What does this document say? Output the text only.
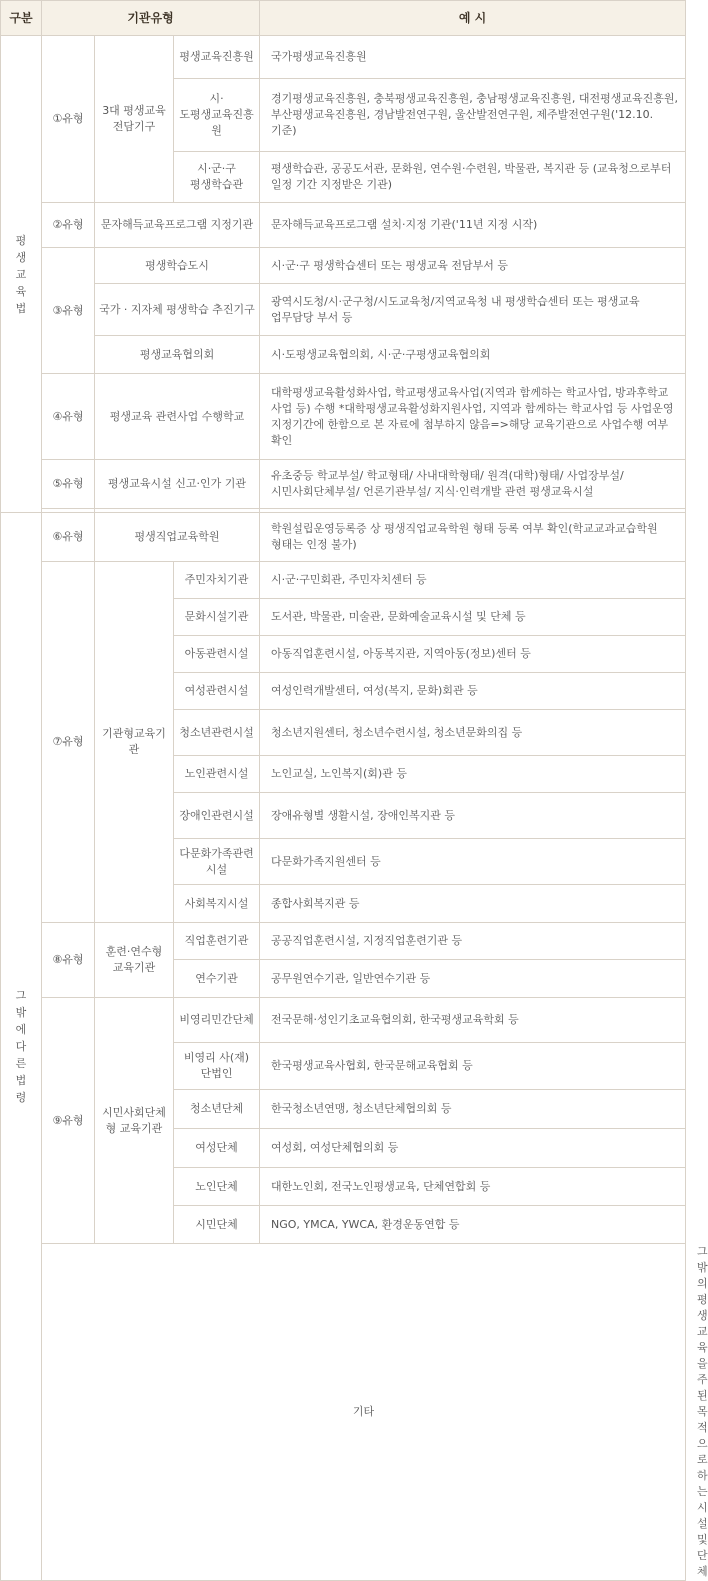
구분	기관유형			예 시	
평생교육법	①유형	3대 평생교육 전담기구	평생교육진흥원	국가평생교육진흥원	
			시·도평생교육진흥원	경기평생교육진흥원, 충북평생교육진흥원, 충남평생교육진흥원, 대전평생교육진흥원, 부산평생교육진흥원, 경남발전연구원, 울산발전연구원, 제주발전연구원('12.10. 기준)	
			시·군·구 평생학습관	평생학습관, 공공도서관, 문화원, 연수원·수련원, 박물관, 복지관 등 (교육청으로부터 일정 기간 지정받은 기관)	
	②유형	문자해득교육프로그램 지정기관		문자해득교육프로그램 설치·지정 기관('11년 지정 시작)	
	③유형	평생학습도시		시·군·구 평생학습센터 또는 평생교육 전담부서 등	
		국가 · 지자체 평생학습 추진기구		광역시도청/시·군구청/시도교육청/지역교육청 내 평생학습센터 또는 평생교육 업무담당 부서 등	
		평생교육협의회		시·도평생교육협의회, 시·군·구평생교육협의회	
	④유형	평생교육 관련사업 수행학교		대학평생교육활성화사업, 학교평생교육사업(지역과 함께하는 학교사업, 방과후학교 사업 등) 수행 *대학평생교육활성화지원사업, 지역과 함께하는 학교사업 등 사업운영 지정기간에 한함으로 본 자료에 첨부하지 않음=>해당 교육기관으로 사업수행 여부 확인	
	⑤유형	평생교육시설 신고·인가 기관		유초중등 학교부설/ 학교형태/ 사내대학형태/ 원격(대학)형태/ 사업장부설/ 시민사회단체부설/ 언론기관부설/ 지식·인력개발 관련 평생교육시설	

그밖에다른법령	⑥유형	평생직업교육학원		학원설립운영등록증 상 평생직업교육학원 형태 등록 여부 확인(학교교과교습학원 형태는 인정 불가)	
	⑦유형	기관형교육기관	주민자치기관	시·군·구민회관, 주민자치센터 등	
			문화시설기관	도서관, 박물관, 미술관, 문화예술교육시설 및 단체 등	
			아동관련시설	아동직업훈련시설, 아동복지관, 지역아동(정보)센터 등	
			여성관련시설	여성인력개발센터, 여성(복지, 문화)회관 등	
			청소년관련시설	청소년지원센터, 청소년수련시설, 청소년문화의집 등	
			노인관련시설	노인교실, 노인복지(회)관 등	
			장애인관련시설	장애유형별 생활시설, 장애인복지관 등	
			다문화가족관련시설	다문화가족지원센터 등	
			사회복지시설	종합사회복지관 등	
	⑧유형	훈련·연수형 교육기관	직업훈련기관	공공직업훈련시설, 지정직업훈련기관 등	
			연수기관	공무원연수기관, 일반연수기관 등	
	⑨유형	시민사회단체형 교육기관	비영리민간단체	전국문해·성인기초교육협의회, 한국평생교육학회 등	
			비영리 사(재)단법인	한국평생교육사협회, 한국문해교육협회 등	
			청소년단체	한국청소년연맹, 청소년단체협의회 등	
			여성단체	여성회, 여성단체협의회 등	
			노인단체	대한노인회, 전국노인평생교육, 단체연합회 등	
			시민단체	NGO, YMCA, YWCA, 환경운동연합 등	
	기타				그 밖의 평생교육을 주된 목적으로 하는 시설 및 단체
